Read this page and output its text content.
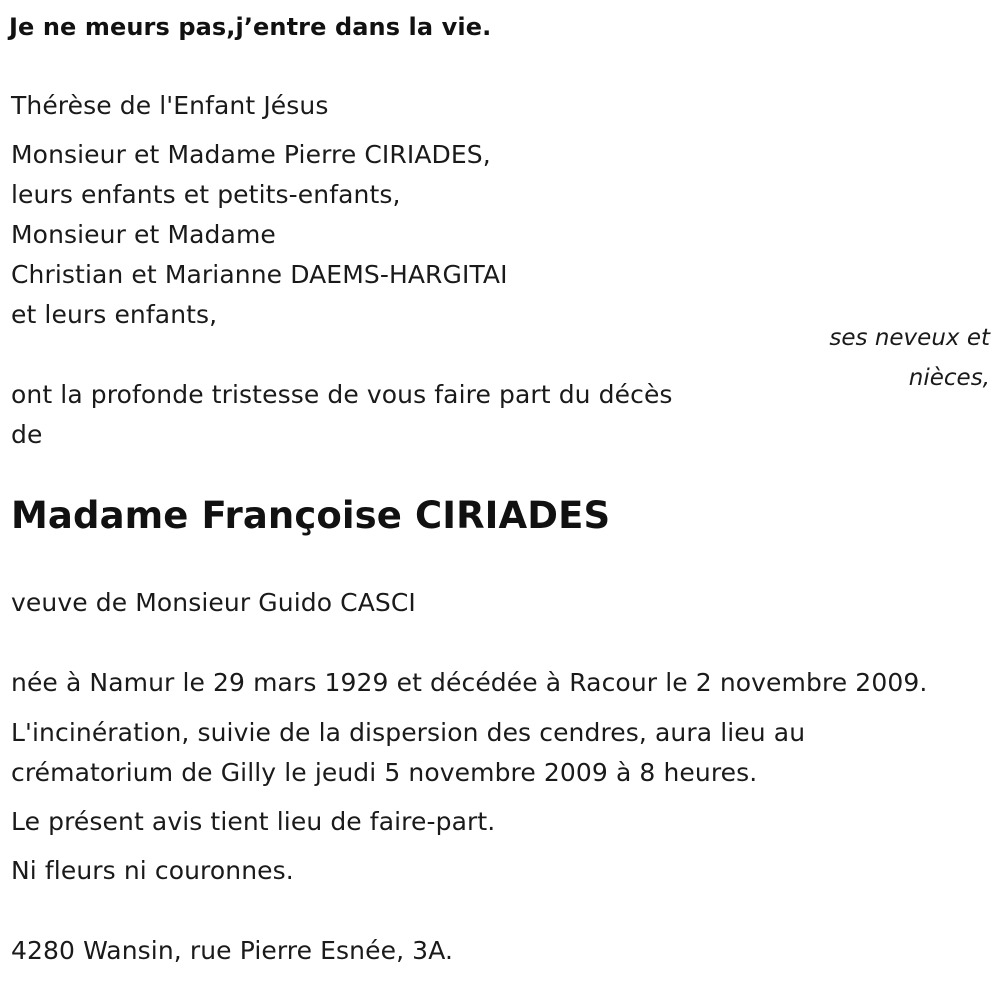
Je ne meurs pas,j’entre dans la vie.
Thérèse de l'Enfant Jésus
Monsieur et Madame Pierre CIRIADES,
leurs enfants et petits-enfants,
Monsieur et Madame
Christian et Marianne DAEMS-HARGITAI
et leurs enfants,
ses neveux et
nièces,
ont la profonde tristesse de vous faire part du décès
de
Madame Françoise CIRIADES
veuve de Monsieur Guido CASCI
née à Namur le 29 mars 1929 et décédée à Racour le 2 novembre 2009.
L'incinération, suivie de la dispersion des cendres, aura lieu au
crématorium de Gilly le jeudi 5 novembre 2009 à 8 heures.
Le présent avis tient lieu de faire-part.
Ni fleurs ni couronnes.
4280 Wansin, rue Pierre Esnée, 3A.
